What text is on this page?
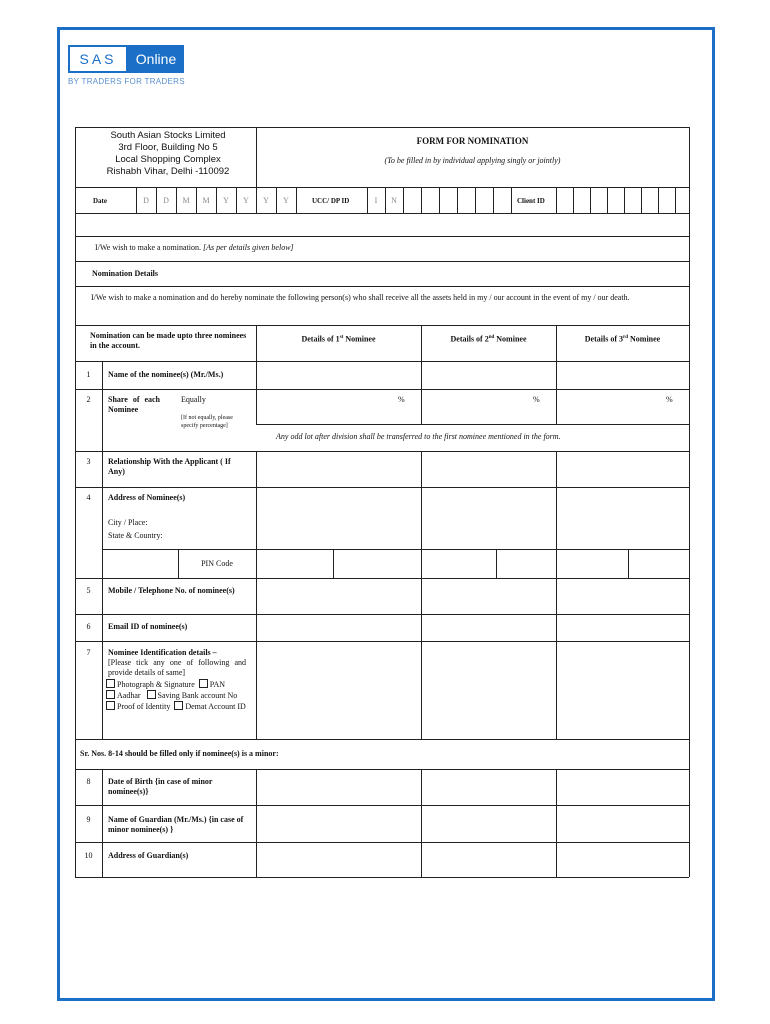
SAS	Online
BY TRADERS FOR TRADERS
South Asian Stocks Limited
3rd Floor, Building No 5
Local Shopping Complex
Rishabh Vihar, Delhi -110092
FORM FOR NOMINATION
(To be filled in by individual applying singly or jointly)
Date	D	D	M	M	Y	Y	Y	Y	UCC/ DP ID	I	N	Client ID
I/We wish to make a nomination. [As per details given below]
Nomination Details
I/We wish to make a nomination and do hereby nominate the following person(s) who shall receive all the assets held in my / our account in the event of my / our death.
Nomination can be made upto three nominees in the account.
Details of 1st Nominee	Details of 2nd Nominee	Details of 3rd Nominee
1	Name of the nominee(s) (Mr./Ms.)
2	Share of each Nominee
Equally
[If not equally, please specify percentage]
%	%	%
Any odd lot after division shall be transferred to the first nominee mentioned in the form.
3	Relationship With the Applicant ( If Any)
4	Address of Nominee(s)
City / Place:
State & Country:
PIN Code
5	Mobile / Telephone No. of nominee(s)
6	Email ID of nominee(s)
7	Nominee Identification details –
[Please tick any one of following and provide details of same]
Photograph & Signature PAN
Aadhar Saving Bank account No
Proof of Identity Demat Account ID
Sr. Nos. 8-14 should be filled only if nominee(s) is a minor:
8	Date of Birth {in case of minor nominee(s)}
9	Name of Guardian (Mr./Ms.) {in case of minor nominee(s) }
10	Address of Guardian(s)
